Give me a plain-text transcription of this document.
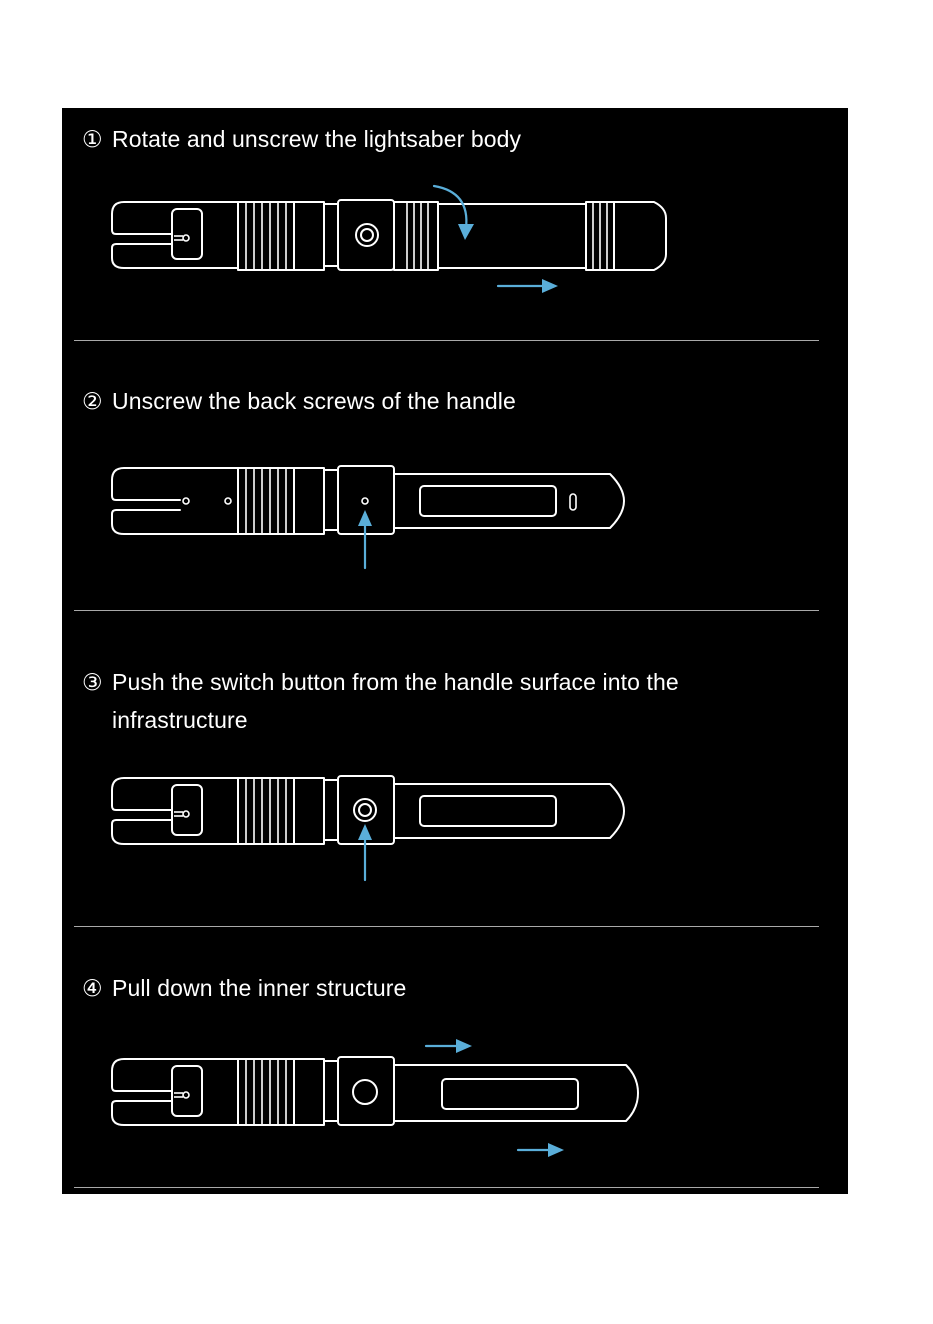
① Rotate and unscrew the lightsaber body

② Unscrew the back screws of the handle

③ Push the switch button from the handle surface into the
infrastructure

④ Pull down the inner structure
